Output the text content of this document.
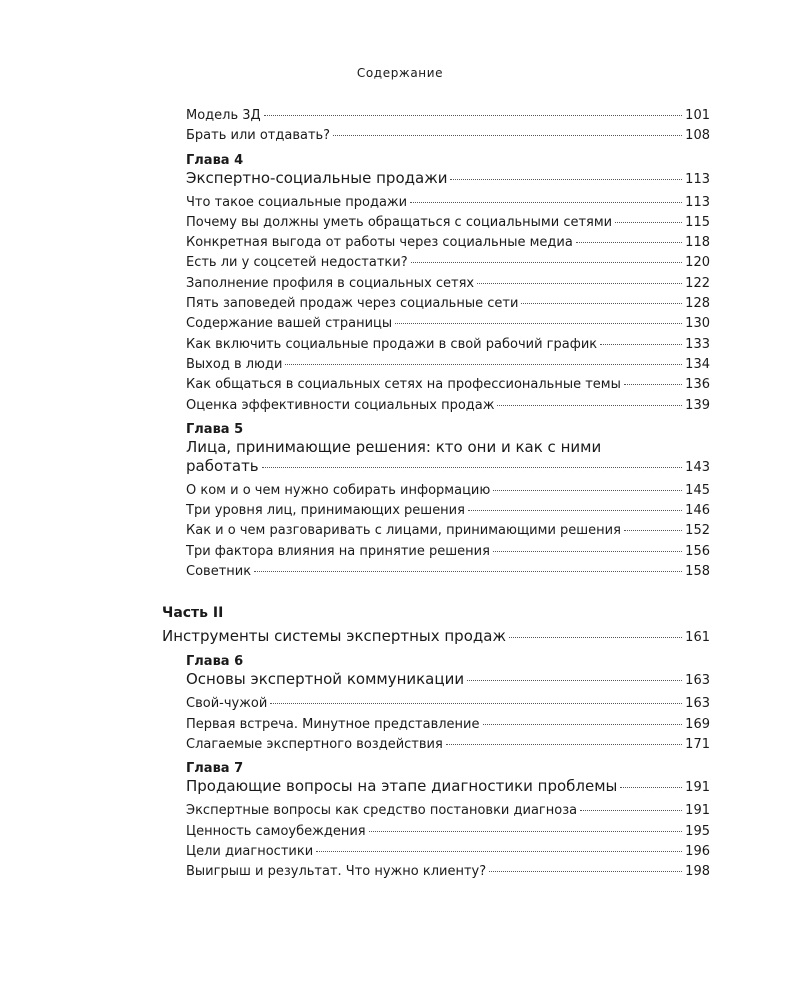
Содержание
Модель 3Д	101
Брать или отдавать?	108
Глава 4
Экспертно-социальные продажи	113
Что такое социальные продажи	113
Почему вы должны уметь обращаться с социальными сетями	115
Конкретная выгода от работы через социальные медиа	118
Есть ли у соцсетей недостатки?	120
Заполнение профиля в социальных сетях	122
Пять заповедей продаж через социальные сети	128
Содержание вашей страницы	130
Как включить социальные продажи в свой рабочий график	133
Выход в люди	134
Как общаться в социальных сетях на профессиональные темы	136
Оценка эффективности социальных продаж	139
Глава 5
Лица, принимающие решения: кто они и как с ними
работать	143
О ком и о чем нужно собирать информацию	145
Три уровня лиц, принимающих решения	146
Как и о чем разговаривать с лицами, принимающими решения	152
Три фактора влияния на принятие решения	156
Советник	158
Часть II
Инструменты системы экспертных продаж	161
Глава 6
Основы экспертной коммуникации	163
Свой-чужой	163
Первая встреча. Минутное представление	169
Слагаемые экспертного воздействия	171
Глава 7
Продающие вопросы на этапе диагностики проблемы	191
Экспертные вопросы как средство постановки диагноза	191
Ценность самоубеждения	195
Цели диагностики	196
Выигрыш и результат. Что нужно клиенту?	198
